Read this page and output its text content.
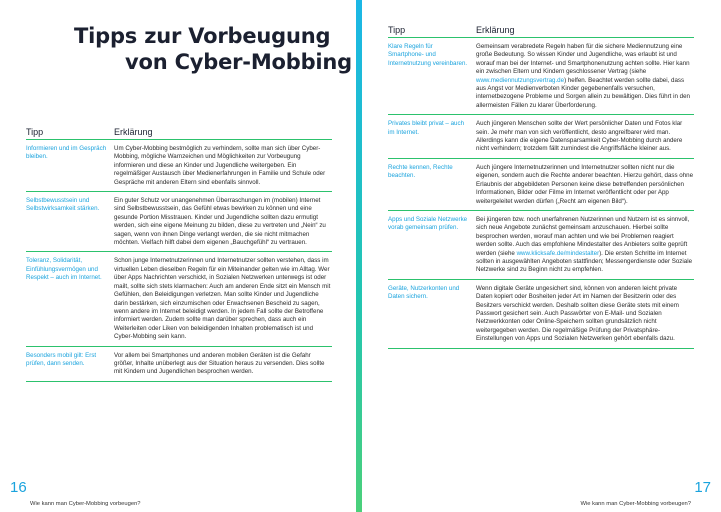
Tipps zur Vorbeugung
von Cyber-Mobbing
Tipp	Erklärung
Informieren und im Gespräch bleiben.
Um Cyber-Mobbing bestmöglich zu verhindern, sollte man sich über Cyber-Mobbing, mögliche Warnzeichen und Möglichkeiten zur Vorbeugung informieren und diese an Kinder und Jugendliche weitergeben. Ein regelmäßiger Austausch über Medienerfahrungen in Familie und Schule oder Gespräche mit anderen Eltern sind ebenfalls sinnvoll.
Selbstbewusstsein und Selbstwirksamkeit stärken.
Ein guter Schutz vor unangenehmen Überraschungen im (mobilen) Internet sind Selbstbewusstsein, das Gefühl etwas bewirken zu können und eine gesunde Portion Misstrauen. Kinder und Jugendliche sollten dazu ermutigt werden, sich eine eigene Meinung zu bilden, diese zu vertreten und „Nein“ zu sagen, wenn von ihnen Dinge verlangt werden, die sie nicht mitmachen möchten. Vielfach hilft dabei dem eigenen „Bauchgefühl“ zu vertrauen.
Toleranz, Solidarität, Einfühlungsvermögen und Respekt – auch im Internet.
Schon junge Internetnutzerinnen und Internetnutzer sollten verstehen, dass im virtuellen Leben dieselben Regeln für ein Miteinander gelten wie im Alltag. Wer über Apps Nachrichten verschickt, in Sozialen Netzwerken unterwegs ist oder mailt, sollte sich stets klarmachen: Auch am anderen Ende sitzt ein Mensch mit Gefühlen, den Beleidigungen verletzen. Man sollte Kinder und Jugendliche darin bestärken, sich einzumischen oder Erwachsenen Bescheid zu sagen, wenn andere im Internet beleidigt werden. In jedem Fall sollte der Betroffene informiert werden. Zudem sollte man darüber sprechen, dass auch ein Weiterleiten oder Liken von beleidigenden Inhalten problematisch ist und Cyber-Mobbing sein kann.
Besonders mobil gilt: Erst prüfen, dann senden.
Vor allem bei Smartphones und anderen mobilen Geräten ist die Gefahr größer, Inhalte unüberlegt aus der Situation heraus zu versenden. Dies sollte mit Kindern und Jugendlichen besprochen werden.
16
Wie kann man Cyber-Mobbing vorbeugen?
Tipp	Erklärung
Klare Regeln für Smartphone- und Internetnutzung vereinbaren.
Gemeinsam verabredete Regeln haben für die sichere Mediennutzung eine große Bedeutung. So wissen Kinder und Jugendliche, was erlaubt ist und worauf man bei der Internet- und Smartphonenutzung achten sollte. Hier kann ein zwischen Eltern und Kindern geschlossener Vertrag (siehe www.mediennutzungsvertrag.de) helfen. Beachtet werden sollte dabei, dass aus Angst vor Medienverboten Kinder gegebenenfalls versuchen, internetbezogene Probleme und Sorgen allein zu bewältigen. Dies führt in den allermeisten Fällen zu klarer Überforderung.
Privates bleibt privat – auch im Internet.
Auch jüngeren Menschen sollte der Wert persönlicher Daten und Fotos klar sein. Je mehr man von sich veröffentlicht, desto angreifbarer wird man. Allerdings kann die eigene Datensparsamkeit Cyber-Mobbing durch andere nicht verhindern; trotzdem fällt zumindest die Angriffsfläche kleiner aus.
Rechte kennen, Rechte beachten.
Auch jüngere Internetnutzerinnen und Internetnutzer sollten nicht nur die eigenen, sondern auch die Rechte anderer beachten. Hierzu gehört, dass ohne Erlaubnis der abgebildeten Personen keine diese betreffenden persönlichen Informationen, Bilder oder Filme im Internet veröffentlicht oder per App weitergeleitet werden dürfen („Recht am eigenen Bild“).
Apps und Soziale Netzwerke vorab gemeinsam prüfen.
Bei jüngeren bzw. noch unerfahrenen Nutzerinnen und Nutzern ist es sinnvoll, sich neue Angebote zunächst gemeinsam anzuschauen. Hierbei sollte besprochen werden, worauf man achten und wie bei Problemen reagiert werden sollte. Auch das empfohlene Mindestalter des Anbieters sollte geprüft werden (siehe www.klicksafe.de/mindestalter). Die ersten Schritte im Internet sollten in ausgewählten Angeboten stattfinden; Messengerdienste oder Soziale Netzwerke sind zu Beginn nicht zu empfehlen.
Geräte, Nutzerkonten und Daten sichern.
Wenn digitale Geräte ungesichert sind, können von anderen leicht private Daten kopiert oder Bosheiten jeder Art im Namen der Besitzerin oder des Besitzers verschickt werden. Deshalb sollten diese Geräte stets mit einem Passwort gesichert sein. Auch Passwörter von E-Mail- und Sozialen Netzwerkkonten oder Online-Speichern sollten grundsätzlich nicht weitergegeben werden. Die regelmäßige Prüfung der Privatsphäre-Einstellungen von Apps und Sozialen Netzwerken gehört ebenfalls dazu.
17
Wie kann man Cyber-Mobbing vorbeugen?
